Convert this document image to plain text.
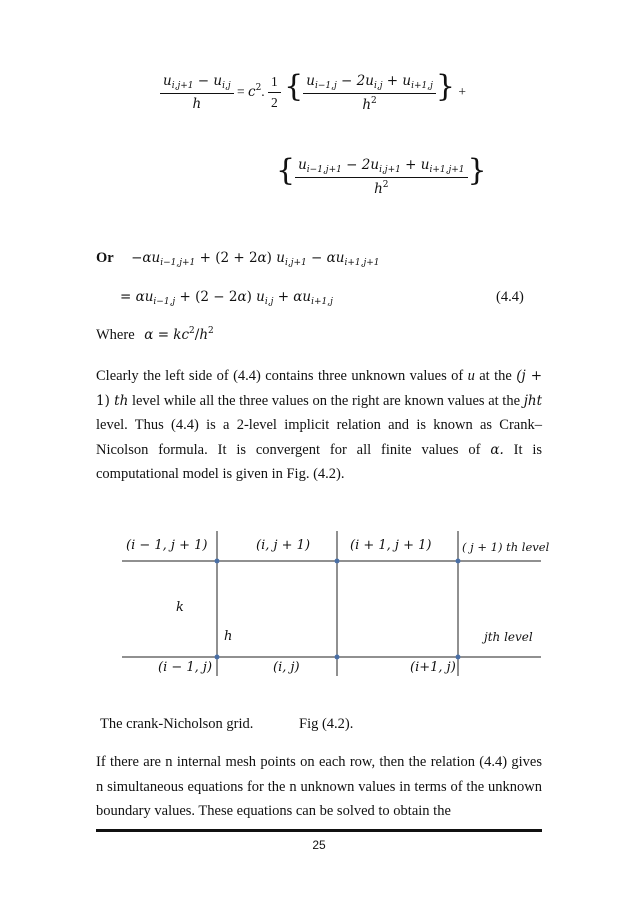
$\frac{u_{i,j+1} - u_{i,j}}{h} = c^2$. $\frac{1}{2}$ { $\frac{u_{i-1,j} - 2u_{i,j} + u_{i+1,j}}{h^2}$ } +
{ $\frac{u_{i-1,j+1} - 2u_{i,j+1} + u_{i+1,j+1}}{h^2}$ }
$Or -\alpha u_{i-1,j+1} + (2 + 2\alpha) u_{i,j+1} - \alpha u_{i+1,j+1}$
= $\alpha u_{i-1,j} + (2 - 2\alpha) u_{i,j} + \alpha u_{i+1,j}$	(4.4)
Where $\alpha = kc^2/h^2$
Clearly the left side of (4.4) contains three unknown values of u at the (j + 1) th level while all the three values on the right are known values at the jht level. Thus (4.4) is a 2-level implicit relation and is known as Crank–Nicolson formula. It is convergent for all finite values of α. It is computational model is given in Fig. (4.2).
(i − 1, j + 1)	(i, j + 1)	(i + 1, j + 1)	( j + 1) th level
k
h	jth level
(i − 1, j)	(i, j)	(i+1, j)
The crank-Nicholson grid.	Fig (4.2).
If there are n internal mesh points on each row, then the relation (4.4) gives n simultaneous equations for the n unknown values in terms of the unknown boundary values. These equations can be solved to obtain the
25
